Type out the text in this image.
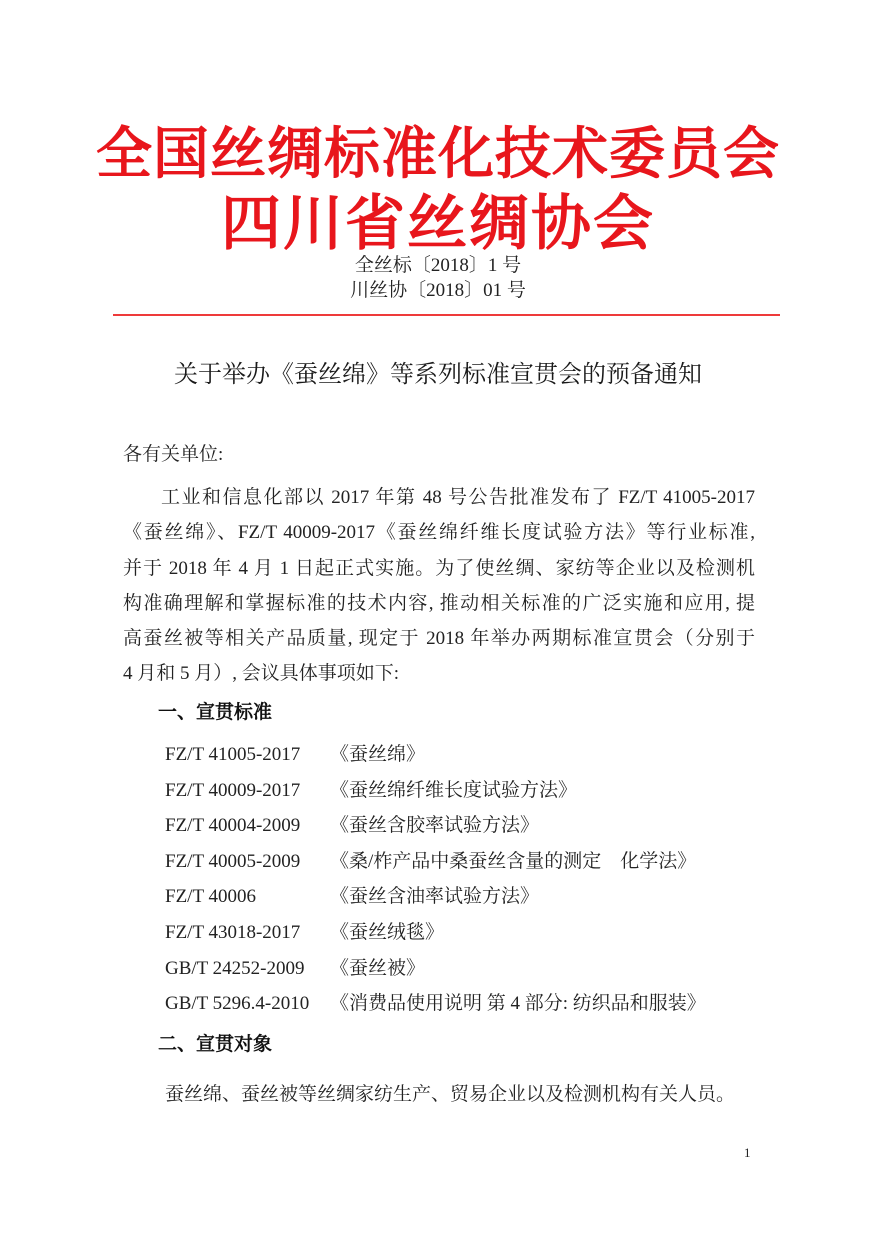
全国丝绸标准化技术委员会
四川省丝绸协会
全丝标〔2018〕1 号
川丝协〔2018〕01 号
关于举办《蚕丝绵》等系列标准宣贯会的预备通知
各有关单位:
工业和信息化部以 2017 年第 48 号公告批准发布了 FZ/T 41005-2017
《蚕丝绵》、FZ/T 40009-2017《蚕丝绵纤维长度试验方法》等行业标准,
并于 2018 年 4 月 1 日起正式实施。为了使丝绸、家纺等企业以及检测机
构准确理解和掌握标准的技术内容, 推动相关标准的广泛实施和应用, 提
高蚕丝被等相关产品质量, 现定于 2018 年举办两期标准宣贯会（分别于
4 月和 5 月）, 会议具体事项如下:
一、宣贯标准
FZ/T 41005-2017	《蚕丝绵》
FZ/T 40009-2017	《蚕丝绵纤维长度试验方法》
FZ/T 40004-2009	《蚕丝含胶率试验方法》
FZ/T 40005-2009	《桑/柞产品中桑蚕丝含量的测定　化学法》
FZ/T 40006	《蚕丝含油率试验方法》
FZ/T 43018-2017	《蚕丝绒毯》
GB/T 24252-2009	《蚕丝被》
GB/T 5296.4-2010	《消费品使用说明 第 4 部分: 纺织品和服装》
二、宣贯对象
蚕丝绵、蚕丝被等丝绸家纺生产、贸易企业以及检测机构有关人员。
1
